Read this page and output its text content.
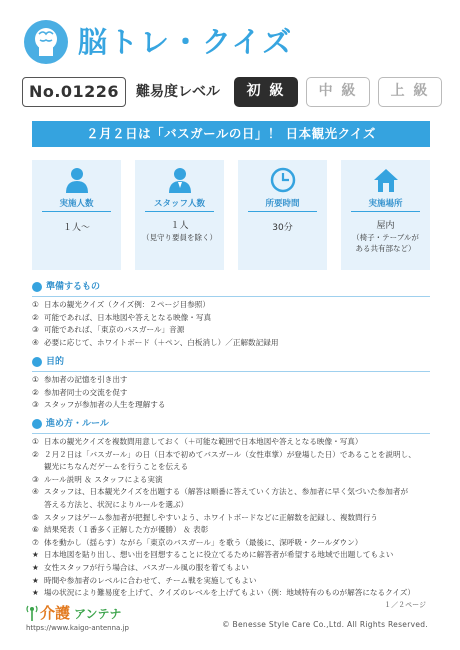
脳トレ・クイズ
No.01226	難易度レベル	初 級	中 級	上 級
２月２日は「バスガールの日」！ 日本観光クイズ
実施人数
１人〜
スタッフ人数
１人
（見守り要員を除く）
所要時間
30分
実施場所
屋内
（椅子・テーブルが
ある共有部など）
準備するもの
① 日本の観光クイズ（クイズ例：２ページ目参照）
② 可能であれば、日本地図や答えとなる映像・写真
③ 可能であれば、「東京のバスガール」音源
④ 必要に応じて、ホワイトボード（＋ペン、白板消し）／正解数記録用
目的
① 参加者の記憶を引き出す
② 参加者同士の交流を促す
③ スタッフが参加者の人生を理解する
進め方・ルール
① 日本の観光クイズを複数問用意しておく（＋可能な範囲で日本地図や答えとなる映像・写真）
② ２月２日は「バスガール」の日（日本で初めてバスガール（女性車掌）が登場した日）であることを説明し、
観光にちなんだゲームを行うことを伝える
③ ルール説明 ＆ スタッフによる実演
④ スタッフは、日本観光クイズを出題する（解答は順番に答えていく方法と、参加者に早く気づいた参加者が
答える方法と、状況によりルールを選ぶ）
⑤ スタッフはゲーム参加者が把握しやすいよう、ホワイトボードなどに正解数を記録し、複数問行う
⑥ 結果発表（１番多く正解した方が優勝） ＆ 表彰
⑦ 体を動かし（揺らす）ながら「東京のバスガール」を歌う（最後に、深呼吸・クールダウン）
★ 日本地図を貼り出し、想い出を回想することに役立てるために解答者が希望する地域で出題してもよい
★ 女性スタッフが行う場合は、バスガール風の服を着てもよい
★ 時間や参加者のレベルに合わせて、チーム戦を実施してもよい
★ 場の状況により難易度を上げて、クイズのレベルを上げてもよい（例：地域特有のものが解答になるクイズ）
１／２ページ
介護 アンテナ
https://www.kaigo-antenna.jp	© Benesse Style Care Co.,Ltd. All Rights Reserved.
